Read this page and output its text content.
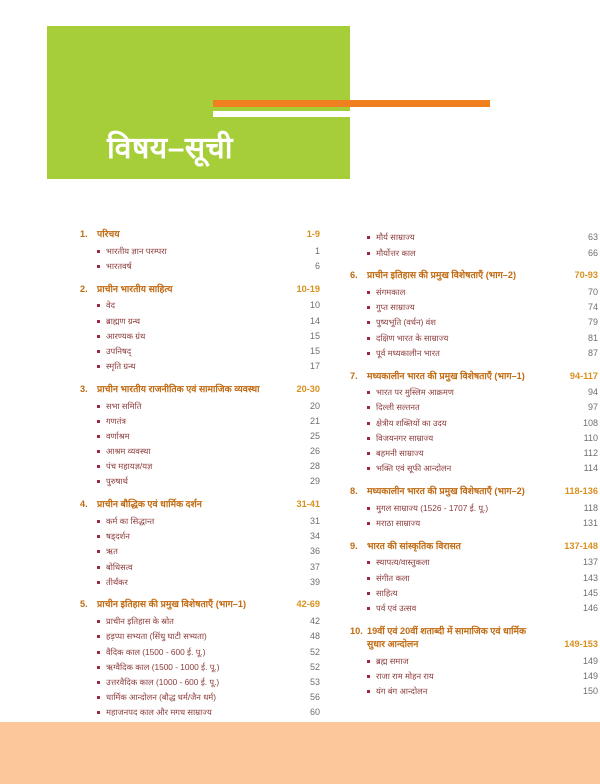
विषय–सूची
1.	परिचय	1-9
भारतीय ज्ञान परम्परा	1
भारतवर्ष	6
2.	प्राचीन भारतीय साहित्य	10-19
वेद	10
ब्राह्मण ग्रन्थ	14
आरण्यक ग्रंथ	15
उपनिषद्	15
स्मृति ग्रन्थ	17
3.	प्राचीन भारतीय राजनीतिक एवं सामाजिक व्यवस्था	20-30
सभा समिति	20
गणतंत्र	21
वर्णाश्रम	25
आश्रम व्यवस्था	26
पंच महायज्ञ/यज्ञ	28
पुरुषार्थ	29
4.	प्राचीन बौद्धिक एवं धार्मिक दर्शन	31-41
कर्म का सिद्धान्त	31
षड्दर्शन	34
ऋत	36
बोधिसत्व	37
तीर्थंकर	39
5.	प्राचीन इतिहास की प्रमुख विशेषताएँ (भाग–1)	42-69
प्राचीन इतिहास के स्रोत	42
हड़प्पा सभ्यता (सिंधु घाटी सभ्यता)	48
वैदिक काल (1500 - 600 ई. पू.)	52
ऋग्वैदिक काल (1500 - 1000 ई. पू.)	52
उत्तरवैदिक काल (1000 - 600 ई. पू.)	53
धार्मिक आन्दोलन (बौद्ध धर्म/जैन धर्म)	56
महाजनपद काल और मगध साम्राज्य	60
मौर्य साम्राज्य	63
मौर्योत्तर काल	66
6.	प्राचीन इतिहास की प्रमुख विशेषताएँ (भाग–2)	70-93
संगमकाल	70
गुप्त साम्राज्य	74
पुष्यभूति (वर्धन) वंश	79
दक्षिण भारत के साम्राज्य	81
पूर्व मध्यकालीन भारत	87
7.	मध्यकालीन भारत की प्रमुख विशेषताएँ (भाग–1)	94-117
भारत पर मुस्लिम आक्रमण	94
दिल्ली सल्तनत	97
क्षेत्रीय शक्तियों का उदय	108
विजयनगर साम्राज्य	110
बहमनी साम्राज्य	112
भक्ति एवं सूफी आन्दोलन	114
8.	मध्यकालीन भारत की प्रमुख विशेषताएँ (भाग–2)	118-136
मुगल साम्राज्य (1526 - 1707 ई. पू.)	118
मराठा साम्राज्य	131
9.	भारत की सांस्कृतिक विरासत	137-148
स्थापत्य/वास्तुकला	137
संगीत कला	143
साहित्य	145
पर्व एवं उत्सव	146
10. 19वीं एवं 20वीं शताब्दी में सामाजिक एवं धार्मिक
सुधार आन्दोलन	149-153
ब्रह्म समाज	149
राजा राम मोहन राय	149
यंग बंग आन्दोलन	150
